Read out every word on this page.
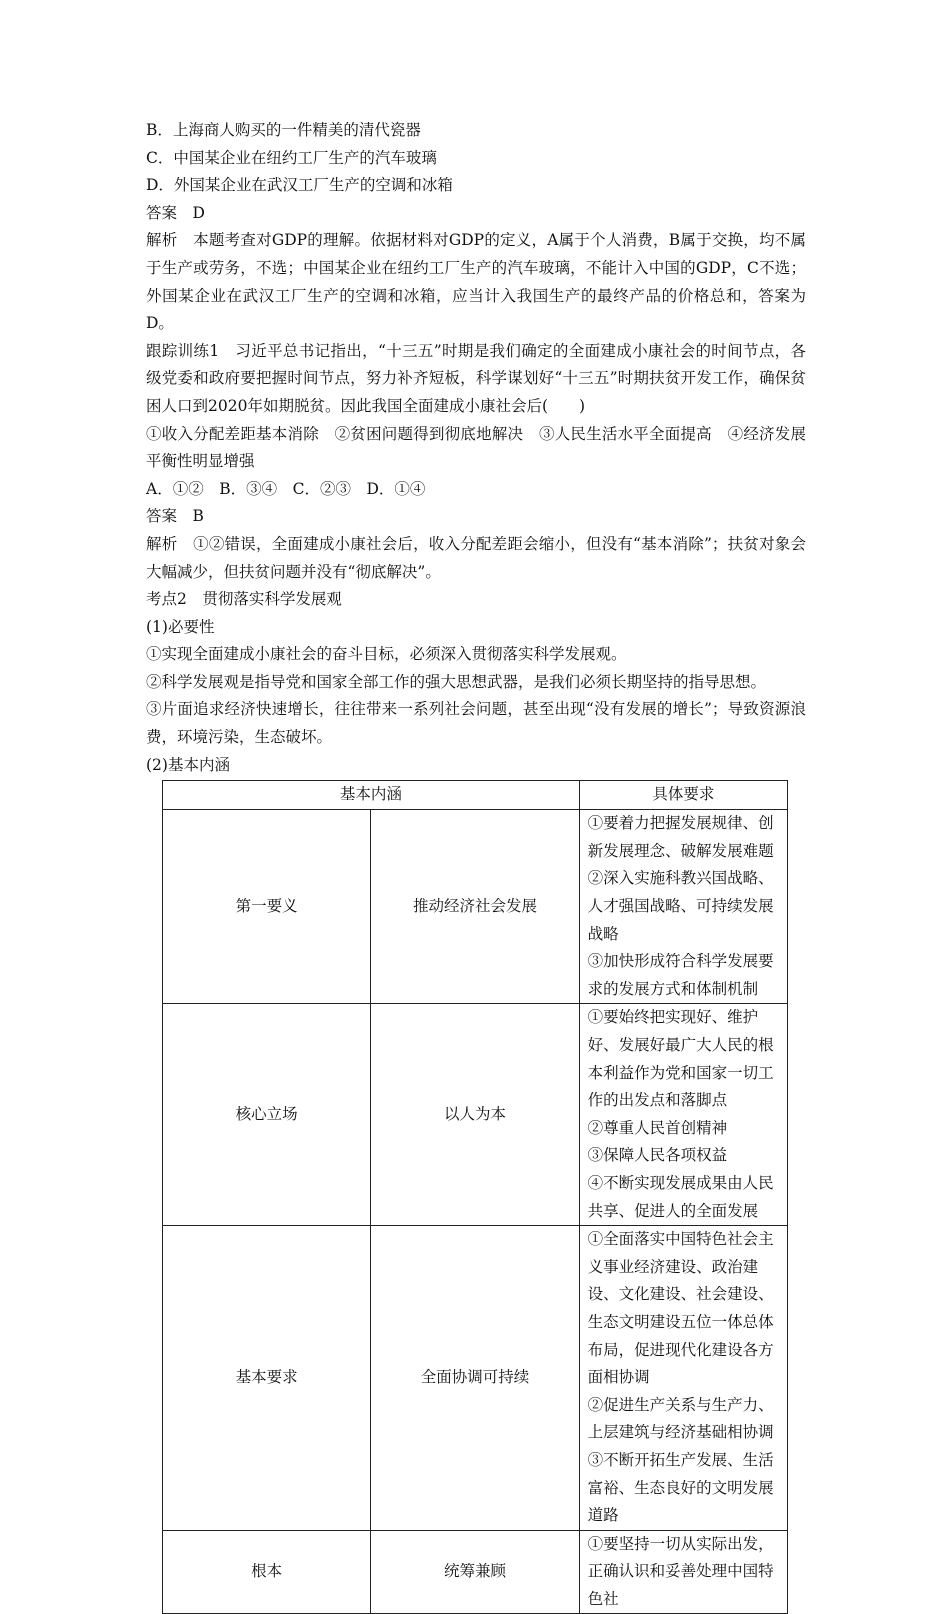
B．上海商人购买的一件精美的清代瓷器
C．中国某企业在纽约工厂生产的汽车玻璃
D．外国某企业在武汉工厂生产的空调和冰箱
答案　D
解析　本题考查对GDP的理解。依据材料对GDP的定义，A属于个人消费，B属于交换，均不属于生产或劳务，不选；中国某企业在纽约工厂生产的汽车玻璃，不能计入中国的GDP，C不选；外国某企业在武汉工厂生产的空调和冰箱，应当计入我国生产的最终产品的价格总和，答案为D。
跟踪训练1　习近平总书记指出，“十三五”时期是我们确定的全面建成小康社会的时间节点，各级党委和政府要把握时间节点，努力补齐短板，科学谋划好“十三五”时期扶贫开发工作，确保贫困人口到2020年如期脱贫。因此我国全面建成小康社会后(　　)
①收入分配差距基本消除　②贫困问题得到彻底地解决　③人民生活水平全面提高　④经济发展平衡性明显增强
A．①②　B．③④　C．②③　D．①④
答案　B
解析　①②错误，全面建成小康社会后，收入分配差距会缩小，但没有“基本消除”；扶贫对象会大幅减少，但扶贫问题并没有“彻底解决”。
考点2　贯彻落实科学发展观
(1)必要性
①实现全面建成小康社会的奋斗目标，必须深入贯彻落实科学发展观。
②科学发展观是指导党和国家全部工作的强大思想武器，是我们必须长期坚持的指导思想。
③片面追求经济快速增长，往往带来一系列社会问题，甚至出现“没有发展的增长”；导致资源浪费，环境污染，生态破坏。
(2)基本内涵
基本内涵		具体要求
第一要义	推动经济社会发展	①要着力把握发展规律、创新发展理念、破解发展难题
②深入实施科教兴国战略、人才强国战略、可持续发展战略
③加快形成符合科学发展要求的发展方式和体制机制

核心立场	以人为本	①要始终把实现好、维护好、发展好最广大人民的根本利益作为党和国家一切工作的出发点和落脚点
②尊重人民首创精神
③保障人民各项权益
④不断实现发展成果由人民共享、促进人的全面发展

基本要求	全面协调可持续	①全面落实中国特色社会主义事业经济建设、政治建设、文化建设、社会建设、生态文明建设五位一体总体布局，促进现代化建设各方面相协调
②促进生产关系与生产力、上层建筑与经济基础相协调
③不断开拓生产发展、生活富裕、生态良好的文明发展道路

根本	统筹兼顾	①要坚持一切从实际出发，正确认识和妥善处理中国特色社
